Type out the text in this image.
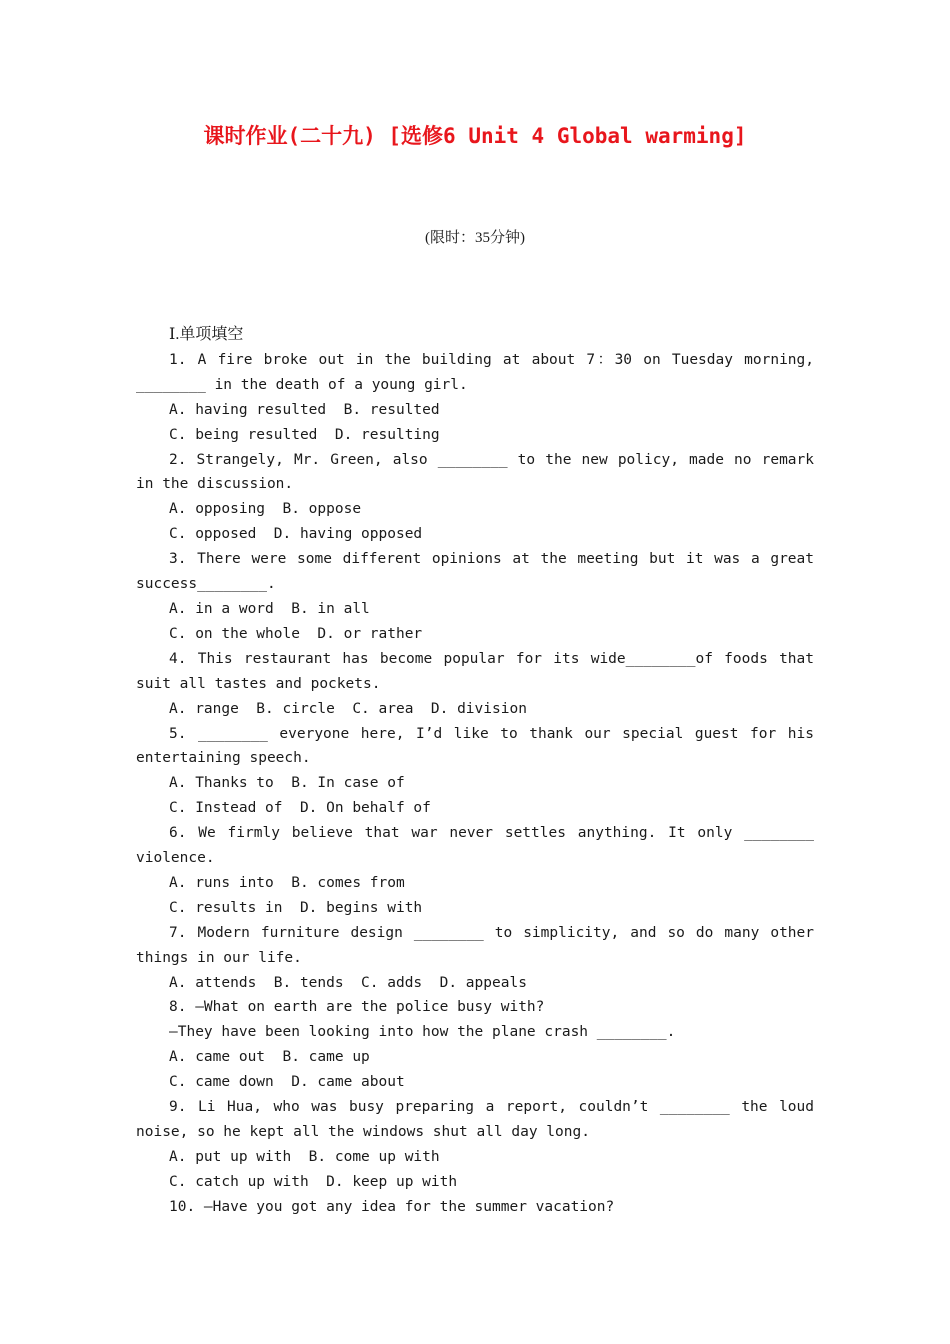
课时作业(二十九) [选修6 Unit 4 Global warming]
(限时：35分钟)
Ⅰ.单项填空
1. A fire broke out in the building at about 7：30 on Tuesday morning, ________ in the death of a young girl.
A. having resulted  B. resulted
C. being resulted  D. resulting
2. Strangely, Mr. Green, also ________ to the new policy, made no remark in the discussion.
A. opposing  B. oppose
C. opposed  D. having opposed
3. There were some different opinions at the meeting but it was a great success________.
A. in a word  B. in all
C. on the whole  D. or rather
4. This restaurant has become popular for its wide________of foods that suit all tastes and pockets.
A. range  B. circle  C. area  D. division
5. ________ everyone here, I’d like to thank our special guest for his entertaining speech.
A. Thanks to  B. In case of
C. Instead of  D. On behalf of
6. We firmly believe that war never settles anything. It only ________ violence.
A. runs into  B. comes from
C. results in  D. begins with
7. Modern furniture design ________ to simplicity, and so do many other things in our life.
A. attends  B. tends  C. adds  D. appeals
8. —What on earth are the police busy with?
—They have been looking into how the plane crash ________.
A. came out  B. came up
C. came down  D. came about
9. Li Hua, who was busy preparing a report, couldn’t ________ the loud noise, so he kept all the windows shut all day long.
A. put up with  B. come up with
C. catch up with  D. keep up with
10. —Have you got any idea for the summer vacation?
